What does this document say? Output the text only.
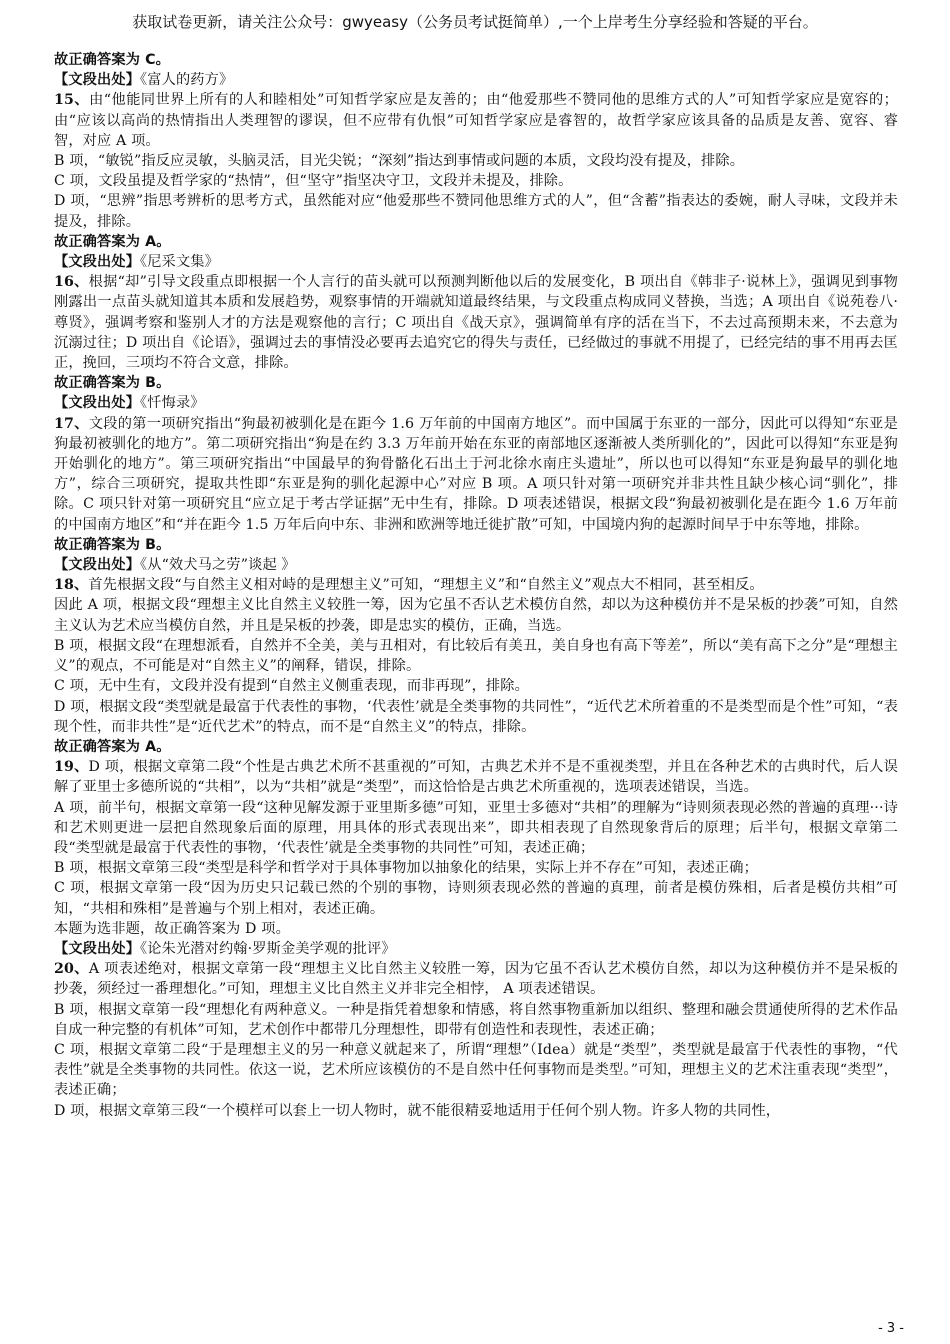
获取试卷更新，请关注公众号：gwyeasy（公务员考试挺简单）,一个上岸考生分享经验和答疑的平台。

故正确答案为 C。

【文段出处】《富人的药方》

15、由“他能同世界上所有的人和睦相处”可知哲学家应是友善的；由“他爱那些不赞同他的思维方式的人”可知哲学家应是宽容的；由“应该以高尚的热情指出人类理智的谬误，但不应带有仇恨”可知哲学家应是睿智的，故哲学家应该具备的品质是友善、宽容、睿智，对应 A 项。

B 项，“敏锐”指反应灵敏，头脑灵活，目光尖锐；“深刻”指达到事情或问题的本质，文段均没有提及，排除。

C 项，文段虽提及哲学家的“热情”，但“坚守”指坚决守卫，文段并未提及，排除。

D 项，“思辨”指思考辨析的思考方式，虽然能对应“他爱那些不赞同他思维方式的人”，但“含蓄”指表达的委婉，耐人寻味，文段并未提及，排除。

故正确答案为 A。

【文段出处】《尼采文集》

16、根据“却”引导文段重点即根据一个人言行的苗头就可以预测判断他以后的发展变化，B 项出自《韩非子·说林上》，强调见到事物刚露出一点苗头就知道其本质和发展趋势，观察事情的开端就知道最终结果，与文段重点构成同义替换，当选；A 项出自《说苑卷八·尊贤》，强调考察和鉴别人才的方法是观察他的言行；C 项出自《战天京》，强调简单有序的活在当下，不去过高预期未来，不去意为沉溺过往；D 项出自《论语》，强调过去的事情没必要再去追究它的得失与责任，已经做过的事就不用提了，已经完结的事不用再去匡正，挽回，三项均不符合文意，排除。

故正确答案为 B。

【文段出处】《忏悔录》

17、文段的第一项研究指出“狗最初被驯化是在距今 1.6 万年前的中国南方地区”。而中国属于东亚的一部分，因此可以得知“东亚是狗最初被驯化的地方”。第二项研究指出“狗是在约 3.3 万年前开始在东亚的南部地区逐渐被人类所驯化的”，因此可以得知“东亚是狗开始驯化的地方”。第三项研究指出“中国最早的狗骨骼化石出土于河北徐水南庄头遗址”，所以也可以得知“东亚是狗最早的驯化地方”，综合三项研究，提取共性即“东亚是狗的驯化起源中心”对应 B 项。A 项只针对第一项研究并非共性且缺少核心词“驯化”，排除。C 项只针对第一项研究且“应立足于考古学证据”无中生有，排除。D 项表述错误，根据文段“狗最初被驯化是在距今 1.6 万年前的中国南方地区”和“并在距今 1.5 万年后向中东、非洲和欧洲等地迁徙扩散”可知，中国境内狗的起源时间早于中东等地，排除。

故正确答案为 B。

【文段出处】《从“效犬马之劳”谈起 》

18、首先根据文段“与自然主义相对峙的是理想主义”可知，“理想主义”和“自然主义”观点大不相同，甚至相反。

因此 A 项，根据文段“理想主义比自然主义较胜一筹，因为它虽不否认艺术模仿自然，却以为这种模仿并不是呆板的抄袭”可知，自然主义认为艺术应当模仿自然，并且是呆板的抄袭，即是忠实的模仿，正确，当选。

B 项，根据文段“在理想派看，自然并不全美，美与丑相对，有比较后有美丑，美自身也有高下等差”，所以“美有高下之分”是“理想主义”的观点，不可能是对“自然主义”的阐释，错误，排除。

C 项，无中生有，文段并没有提到“自然主义侧重表现，而非再现”，排除。

D 项，根据文段“类型就是最富于代表性的事物，‘代表性’就是全类事物的共同性”，“近代艺术所着重的不是类型而是个性”可知，“表现个性，而非共性”是“近代艺术”的特点，而不是“自然主义”的特点，排除。

故正确答案为 A。

19、D 项，根据文章第二段“个性是古典艺术所不甚重视的”可知，古典艺术并不是不重视类型，并且在各种艺术的古典时代，后人误解了亚里士多德所说的“共相”，以为“共相”就是“类型”，而这恰恰是古典艺术所重视的，选项表述错误，当选。

A 项，前半句，根据文章第一段“这种见解发源于亚里斯多德”可知，亚里士多德对“共相”的理解为“诗则须表现必然的普遍的真理···诗和艺术则更进一层把自然现象后面的原理，用具体的形式表现出来”，即共相表现了自然现象背后的原理；后半句，根据文章第二段“类型就是最富于代表性的事物，‘代表性’就是全类事物的共同性”可知，表述正确；

B 项，根据文章第三段“类型是科学和哲学对于具体事物加以抽象化的结果，实际上并不存在”可知，表述正确；

C 项，根据文章第一段“因为历史只记载已然的个别的事物，诗则须表现必然的普遍的真理，前者是模仿殊相，后者是模仿共相”可知，“共相和殊相”是普遍与个别上相对，表述正确。

本题为选非题，故正确答案为 D 项。

【文段出处】《论朱光潜对约翰·罗斯金美学观的批评》

20、A 项表述绝对，根据文章第一段“理想主义比自然主义较胜一筹，因为它虽不否认艺术模仿自然，却以为这种模仿并不是呆板的抄袭，须经过一番理想化。”可知，理想主义比自然主义并非完全相悖， A 项表述错误。

B 项，根据文章第一段“理想化有两种意义。一种是指凭着想象和情感，将自然事物重新加以组织、整理和融会贯通使所得的艺术作品自成一种完整的有机体”可知，艺术创作中都带几分理想性，即带有创造性和表现性，表述正确；

C 项，根据文章第二段“于是理想主义的另一种意义就起来了，所谓“理想”（Idea）就是“类型”，类型就是最富于代表性的事物，“代表性”就是全类事物的共同性。依这一说，艺术所应该模仿的不是自然中任何事物而是类型。”可知，理想主义的艺术注重表现“类型”，表述正确；

D 项，根据文章第三段“一个模样可以套上一切人物时，就不能很精妥地适用于任何个别人物。许多人物的共同性，

- 3 -
